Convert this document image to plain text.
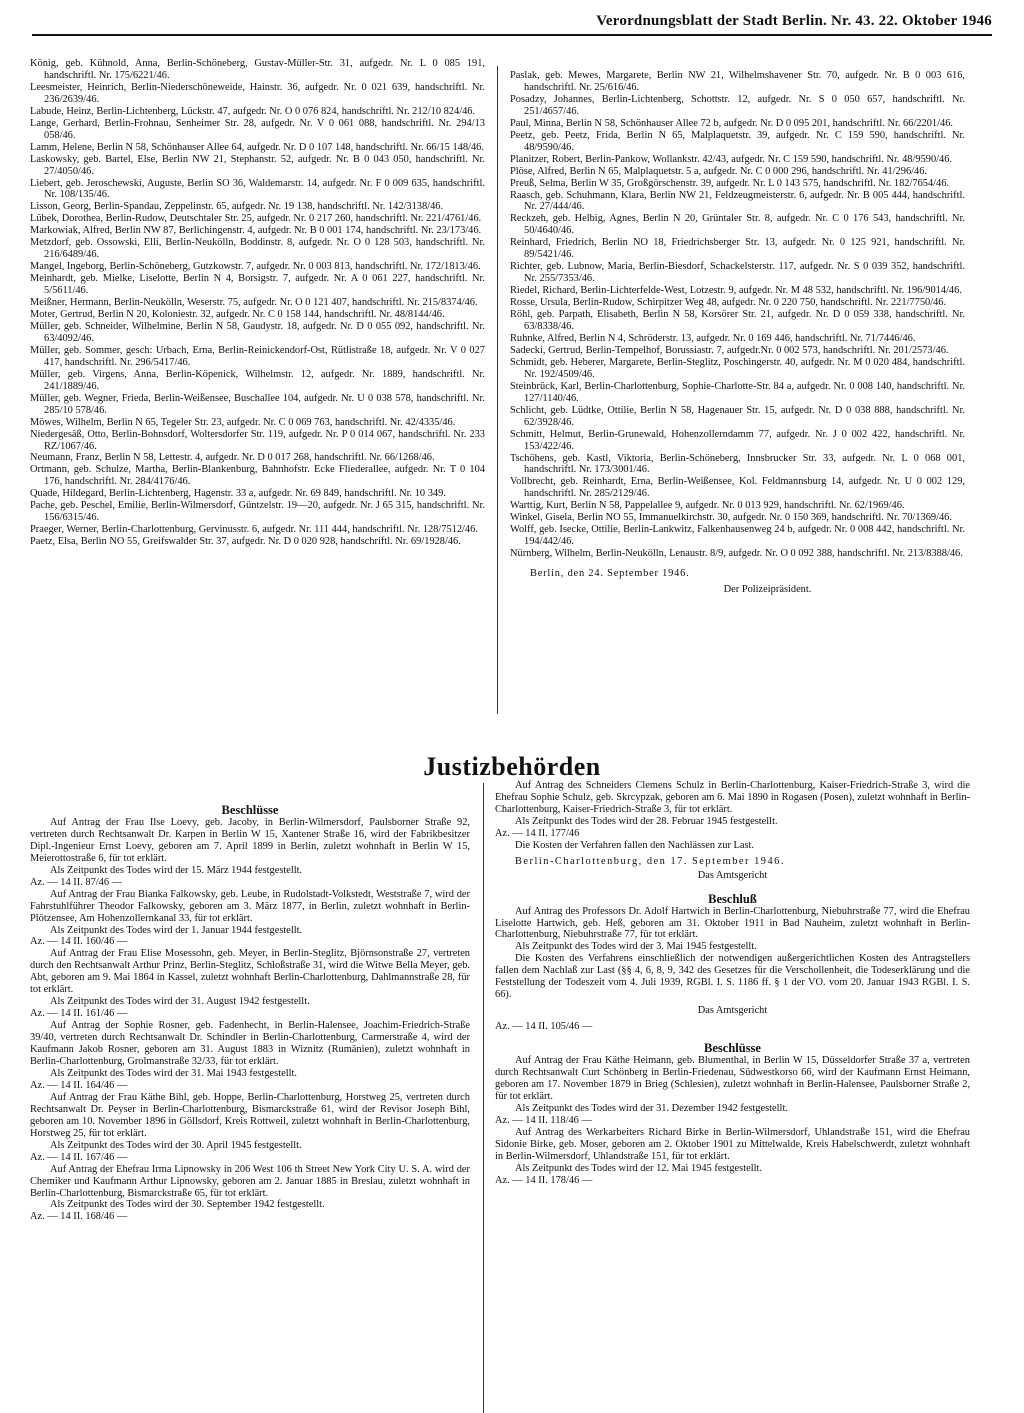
Verordnungsblatt der Stadt Berlin. Nr. 43. 22. Oktober 1946

König, geb. Kühnold, Anna, Berlin-Schöneberg, Gustav-Müller-Str. 31, aufgedr. Nr. L 0 085 191, handschriftl. Nr. 175/6221/46.

Leesmeister, Heinrich, Berlin-Niederschöneweide, Hainstr. 36, aufgedr. Nr. 0 021 639, handschriftl. Nr. 236/2639/46.

Labude, Heinz, Berlin-Lichtenberg, Lückstr. 47, aufgedr. Nr. O 0 076 824, handschriftl. Nr. 212/10 824/46.

Lange, Gerhard, Berlin-Frohnau, Senheimer Str. 28, aufgedr. Nr. V 0 061 088, handschriftl. Nr. 294/13 058/46.

Lamm, Helene, Berlin N 58, Schönhauser Allee 64, aufgedr. Nr. D 0 107 148, handschriftl. Nr. 66/15 148/46.

Laskowsky, geb. Bartel, Else, Berlin NW 21, Stephanstr. 52, aufgedr. Nr. B 0 043 050, handschriftl. Nr. 27/4050/46.

Liebert, geb. Jeroschewski, Auguste, Berlin SO 36, Waldemarstr. 14, aufgedr. Nr. F 0 009 635, handschriftl. Nr. 108/135/46.

Lisson, Georg, Berlin-Spandau, Zeppelinstr. 65, aufgedr. Nr. 19 138, handschriftl. Nr. 142/3138/46.

Lübek, Dorothea, Berlin-Rudow, Deutschtaler Str. 25, aufgedr. Nr. 0 217 260, handschriftl. Nr. 221/4761/46.

Markowiak, Alfred, Berlin NW 87, Berlichingenstr. 4, aufgedr. Nr. B 0 001 174, handschriftl. Nr. 23/173/46.

Metzdorf, geb. Ossowski, Elli, Berlin-Neukölln, Boddinstr. 8, aufgedr. Nr. O 0 128 503, handschriftl. Nr. 216/6489/46.

Mangel, Ingeborg, Berlin-Schöneberg, Gutzkowstr. 7, aufgedr. Nr. 0 003 813, handschriftl. Nr. 172/1813/46.

Meinhardt, geb. Mielke, Liselotte, Berlin N 4, Borsigstr. 7, aufgedr. Nr. A 0 061 227, handschriftl. Nr. 5/5611/46.

Meißner, Hermann, Berlin-Neukölln, Weserstr. 75, aufgedr. Nr. O 0 121 407, handschriftl. Nr. 215/8374/46.

Moter, Gertrud, Berlin N 20, Koloniestr. 32, aufgedr. Nr. C 0 158 144, handschriftl. Nr. 48/8144/46.

Müller, geb. Schneider, Wilhelmine, Berlin N 58, Gaudystr. 18, aufgedr. Nr. D 0 055 092, handschriftl. Nr. 63/4092/46.

Müller, geb. Sommer, gesch: Urbach, Erna, Berlin-Reinickendorf-Ost, Rütlistraße 18, aufgedr. Nr. V 0 027 417, handschriftl. Nr. 296/5417/46.

Müller, geb. Virgens, Anna, Berlin-Köpenick, Wilhelmstr. 12, aufgedr. Nr. 1889, handschriftl. Nr. 241/1889/46.

Müller, geb. Wegner, Frieda, Berlin-Weißensee, Buschallee 104, aufgedr. Nr. U 0 038 578, handschriftl. Nr. 285/10 578/46.

Möwes, Wilhelm, Berlin N 65, Tegeler Str. 23, aufgedr. Nr. C 0 069 763, handschriftl. Nr. 42/4335/46.

Niedergesäß, Otto, Berlin-Bohnsdorf, Woltersdorfer Str. 119, aufgedr. Nr. P 0 014 067, handschriftl. Nr. 233 RZ/1067/46.

Neumann, Franz, Berlin N 58, Lettestr. 4, aufgedr. Nr. D 0 017 268, handschriftl. Nr. 66/1268/46.

Ortmann, geb. Schulze, Martha, Berlin-Blankenburg, Bahnhofstr. Ecke Fliederallee, aufgedr. Nr. T 0 104 176, handschriftl. Nr. 284/4176/46.

Quade, Hildegard, Berlin-Lichtenberg, Hagenstr. 33 a, aufgedr. Nr. 69 849, handschriftl. Nr. 10 349.

Pache, geb. Peschel, Emilie, Berlin-Wilmersdorf, Güntzelstr. 19—20, aufgedr. Nr. J 65 315, handschriftl. Nr. 156/6315/46.

Praeger, Werner, Berlin-Charlottenburg, Gervinusstr. 6, aufgedr. Nr. 111 444, handschriftl. Nr. 128/7512/46.

Paetz, Elsa, Berlin NO 55, Greifswalder Str. 37, aufgedr. Nr. D 0 020 928, handschriftl. Nr. 69/1928/46.

Paslak, geb. Mewes, Margarete, Berlin NW 21, Wilhelmshavener Str. 70, aufgedr. Nr. B 0 003 616, handschriftl. Nr. 25/616/46.

Posadzy, Johannes, Berlin-Lichtenberg, Schottstr. 12, aufgedr. Nr. S 0 050 657, handschriftl. Nr. 251/4657/46.

Paul, Minna, Berlin N 58, Schönhauser Allee 72 b, aufgedr. Nr. D 0 095 201, handschriftl. Nr. 66/2201/46.

Peetz, geb. Peetz, Frida, Berlin N 65, Malplaquetstr. 39, aufgedr. Nr. C 159 590, handschriftl. Nr. 48/9590/46.

Planitzer, Robert, Berlin-Pankow, Wollankstr. 42/43, aufgedr. Nr. C 159 590, handschriftl. Nr. 48/9590/46.

Plöse, Alfred, Berlin N 65, Malplaquetstr. 5 a, aufgedr. Nr. C 0 000 296, handschriftl. Nr. 41/296/46.

Preuß, Selma, Berlin W 35, Großgörschenstr. 39, aufgedr. Nr. L 0 143 575, handschriftl. Nr. 182/7654/46.

Raasch, geb. Schuhmann, Klara, Berlin NW 21, Feldzeugmeisterstr. 6, aufgedr. Nr. B 005 444, handschriftl. Nr. 27/444/46.

Reckzeh, geb. Helbig, Agnes, Berlin N 20, Grüntaler Str. 8, aufgedr. Nr. C 0 176 543, handschriftl. Nr. 50/4640/46.

Reinhard, Friedrich, Berlin NO 18, Friedrichsberger Str. 13, aufgedr. Nr. 0 125 921, handschriftl. Nr. 89/5421/46.

Richter, geb. Lubnow, Maria, Berlin-Biesdorf, Schackelsterstr. 117, aufgedr. Nr. S 0 039 352, handschriftl. Nr. 255/7353/46.

Riedel, Richard, Berlin-Lichterfelde-West, Lotzestr. 9, aufgedr. Nr. M 48 532, handschriftl. Nr. 196/9014/46.

Rosse, Ursula, Berlin-Rudow, Schirpitzer Weg 48, aufgedr. Nr. 0 220 750, handschriftl. Nr. 221/7750/46.

Röhl, geb. Parpath, Elisabeth, Berlin N 58, Korsörer Str. 21, aufgedr. Nr. D 0 059 338, handschriftl. Nr. 63/8338/46.

Ruhnke, Alfred, Berlin N 4, Schröderstr. 13, aufgedr. Nr. 0 169 446, handschriftl. Nr. 71/7446/46.

Sadecki, Gertrud, Berlin-Tempelhof, Borussiastr. 7, aufgedr.Nr. 0 002 573, handschriftl. Nr. 201/2573/46.

Schmidt, geb. Heberer, Margarete, Berlin-Steglitz, Poschingerstr. 40, aufgedr. Nr. M 0 020 484, handschriftl. Nr. 192/4509/46.

Steinbrück, Karl, Berlin-Charlottenburg, Sophie-Charlotte-Str. 84 a, aufgedr. Nr. 0 008 140, handschriftl. Nr. 127/1140/46.

Schlicht, geb. Lüdtke, Ottilie, Berlin N 58, Hagenauer Str. 15, aufgedr. Nr. D 0 038 888, handschriftl. Nr. 62/3928/46.

Schmitt, Helmut, Berlin-Grunewald, Hohenzollerndamm 77, aufgedr. Nr. J 0 002 422, handschriftl. Nr. 153/422/46.

Tschöhens, geb. Kastl, Viktoria, Berlin-Schöneberg, Innsbrucker Str. 33, aufgedr. Nr. L 0 068 001, handschriftl. Nr. 173/3001/46.

Vollbrecht, geb. Reinhardt, Erna, Berlin-Weißensee, Kol. Feldmannsburg 14, aufgedr. Nr. U 0 002 129, handschriftl. Nr. 285/2129/46.

Warttig, Kurt, Berlin N 58, Pappelallee 9, aufgedr. Nr. 0 013 929, handschriftl. Nr. 62/1969/46.

Winkel, Gisela, Berlin NO 55, Immanuelkirchstr. 30, aufgedr. Nr. 0 150 369, handschriftl. Nr. 70/1369/46.

Wolff, geb. Isecke, Ottilie, Berlin-Lankwitz, Falkenhausenweg 24 b, aufgedr. Nr. 0 008 442, handschriftl. Nr. 194/442/46.

Nürnberg, Wilhelm, Berlin-Neukölln, Lenaustr. 8/9, aufgedr. Nr. O 0 092 388, handschriftl. Nr. 213/8388/46.

Berlin, den 24. September 1946.

Der Polizeipräsident.

Justizbehörden

Beschlüsse

Auf Antrag der Frau Ilse Loevy, geb. Jacoby, in Berlin-Wilmersdorf, Paulsborner Straße 92, vertreten durch Rechtsanwalt Dr. Karpen in Berlin W 15, Xantener Straße 16, wird der Fabrikbesitzer Dipl.-Ingenieur Ernst Loevy, geboren am 7. April 1899 in Berlin, zuletzt wohnhaft in Berlin W 15, Meierottostraße 6, für tot erklärt.

Als Zeitpunkt des Todes wird der 15. März 1944 festgestellt.

Az. — 14 II. 87/46 —

Auf Antrag der Frau Bianka Falkowsky, geb. Leube, in Rudolstadt-Volkstedt, Weststraße 7, wird der Fahrstuhlführer Theodor Falkowsky, geboren am 3. März 1877, in Berlin, zuletzt wohnhaft in Berlin-Plötzensee, Am Hohenzollernkanal 33, für tot erklärt.

Als Zeitpunkt des Todes wird der 1. Januar 1944 festgestellt.

Az. — 14 II. 160/46 —

Auf Antrag der Frau Elise Mosessohn, geb. Meyer, in Berlin-Steglitz, Björnsonstraße 27, vertreten durch den Rechtsanwalt Arthur Prinz, Berlin-Steglitz, Schloßstraße 31, wird die Witwe Bella Meyer, geb. Abt, geboren am 9. Mai 1864 in Kassel, zuletzt wohnhaft Berlin-Charlottenburg, Dahlmannstraße 28, für tot erklärt.

Als Zeitpunkt des Todes wird der 31. August 1942 festgestellt.

Az. — 14 II. 161/46 —

Auf Antrag der Sophie Rosner, geb. Fadenhecht, in Berlin-Halensee, Joachim-Friedrich-Straße 39/40, vertreten durch Rechtsanwalt Dr. Schindler in Berlin-Charlottenburg, Carmerstraße 4, wird der Kaufmann Jakob Rosner, geboren am 31. August 1883 in Wiznitz (Rumänien), zuletzt wohnhaft in Berlin-Charlottenburg, Grolmanstraße 32/33, für tot erklärt.

Als Zeitpunkt des Todes wird der 31. Mai 1943 festgestellt.

Az. — 14 II. 164/46 —

Auf Antrag der Frau Käthe Bihl, geb. Hoppe, Berlin-Charlottenburg, Horstweg 25, vertreten durch Rechtsanwalt Dr. Peyser in Berlin-Charlottenburg, Bismarckstraße 61, wird der Revisor Joseph Bihl, geboren am 10. November 1896 in Göllsdorf, Kreis Rottweil, zuletzt wohnhaft in Berlin-Charlottenburg, Horstweg 25, für tot erklärt.

Als Zeitpunkt des Todes wird der 30. April 1945 festgestellt.

Az. — 14 II. 167/46 —

Auf Antrag der Ehefrau Irma Lipnowsky in 206 West 106 th Street New York City U. S. A. wird der Chemiker und Kaufmann Arthur Lipnowsky, geboren am 2. Januar 1885 in Breslau, zuletzt wohnhaft in Berlin-Charlottenburg, Bismarckstraße 65, für tot erklärt.

Als Zeitpunkt des Todes wird der 30. September 1942 festgestellt.

Az. — 14 II. 168/46 —

Auf Antrag des Schneiders Clemens Schulz in Berlin-Charlottenburg, Kaiser-Friedrich-Straße 3, wird die Ehefrau Sophie Schulz, geb. Skrcypzak, geboren am 6. Mai 1890 in Rogasen (Posen), zuletzt wohnhaft in Berlin-Charlottenburg, Kaiser-Friedrich-Straße 3, für tot erklärt.

Als Zeitpunkt des Todes wird der 28. Februar 1945 festgestellt.

Az. — 14 II. 177/46

Die Kosten der Verfahren fallen den Nachlässen zur Last.

Berlin-Charlottenburg, den 17. September 1946.

Das Amtsgericht

Beschluß

Auf Antrag des Professors Dr. Adolf Hartwich in Berlin-Charlottenburg, Niebuhrstraße 77, wird die Ehefrau Liselotte Hartwich, geb. Heß, geboren am 31. Oktober 1911 in Bad Nauheim, zuletzt wohnhaft in Berlin-Charlottenburg, Niebuhrstraße 77, für tot erklärt.

Als Zeitpunkt des Todes wird der 3. Mai 1945 festgestellt.

Die Kosten des Verfahrens einschließlich der notwendigen außergerichtlichen Kosten des Antragstellers fallen dem Nachlaß zur Last (§§ 4, 6, 8, 9, 342 des Gesetzes für die Verschollenheit, die Todeserklärung und die Feststellung der Todeszeit vom 4. Juli 1939, RGBl. I. S. 1186 ff. § 1 der VO. vom 20. Januar 1943 RGBl. I. S. 66).

Das Amtsgericht

Az. — 14 II. 105/46 —

Beschlüsse

Auf Antrag der Frau Käthe Heimann, geb. Blumenthal, in Berlin W 15, Düsseldorfer Straße 37 a, vertreten durch Rechtsanwalt Curt Schönberg in Berlin-Friedenau, Südwestkorso 66, wird der Kaufmann Ernst Heimann, geboren am 17. November 1879 in Brieg (Schlesien), zuletzt wohnhaft in Berlin-Halensee, Paulsborner Straße 2, für tot erklärt.

Als Zeitpunkt des Todes wird der 31. Dezember 1942 festgestellt.

Az. — 14 II. 118/46 —

Auf Antrag des Werkarbeiters Richard Birke in Berlin-Wilmersdorf, Uhlandstraße 151, wird die Ehefrau Sidonie Birke, geb. Moser, geboren am 2. Oktober 1901 zu Mittelwalde, Kreis Habelschwerdt, zuletzt wohnhaft in Berlin-Wilmersdorf, Uhlandstraße 151, für tot erklärt.

Als Zeitpunkt des Todes wird der 12. Mai 1945 festgestellt.

Az. — 14 II. 178/46 —
